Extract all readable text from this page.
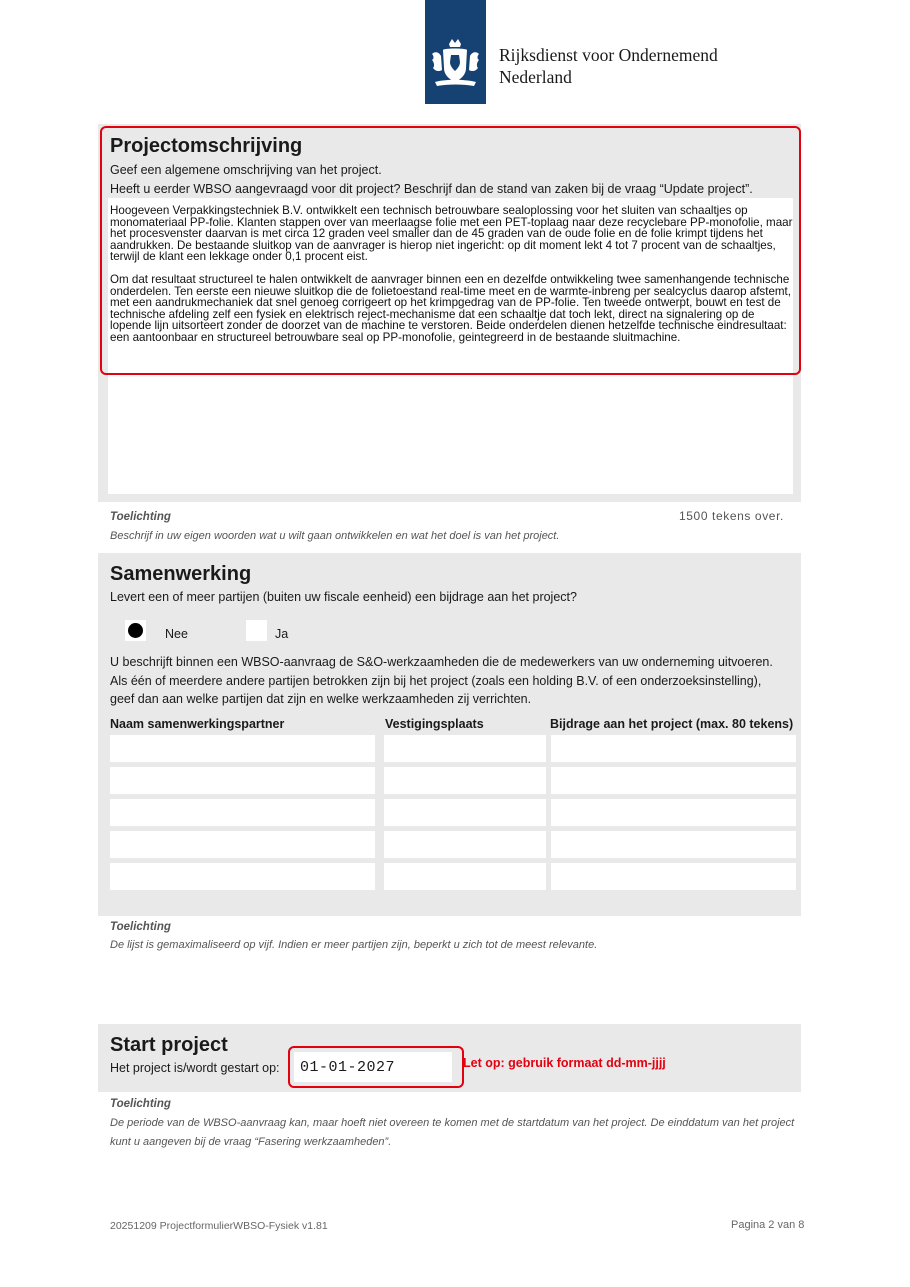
Rijksdienst voor Ondernemend
Nederland
Projectomschrijving
Geef een algemene omschrijving van het project.
Heeft u eerder WBSO aangevraagd voor dit project? Beschrijf dan de stand van zaken bij de vraag “Update project”.

Hoogeveen Verpakkingstechniek B.V. ontwikkelt een technisch betrouwbare sealoplossing voor het sluiten van schaaltjes op monomateriaal PP-folie. Klanten stappen over van meerlaagse folie met een PET-toplaag naar deze recyclebare PP-monofolie, maar het procesvenster daarvan is met circa 12 graden veel smaller dan de 45 graden van de oude folie en de folie krimpt tijdens het aandrukken. De bestaande sluitkop van de aanvrager is hierop niet ingericht: op dit moment lekt 4 tot 7 procent van de schaaltjes, terwijl de klant een lekkage onder 0,1 procent eist.

Om dat resultaat structureel te halen ontwikkelt de aanvrager binnen een en dezelfde ontwikkeling twee samenhangende technische onderdelen. Ten eerste een nieuwe sluitkop die de folietoestand real-time meet en de warmte-inbreng per sealcyclus daarop afstemt, met een aandrukmechaniek dat snel genoeg corrigeert op het krimpgedrag van de PP-folie. Ten tweede ontwerpt, bouwt en test de technische afdeling zelf een fysiek en elektrisch reject-mechanisme dat een schaaltje dat toch lekt, direct na signalering op de lopende lijn uitsorteert zonder de doorzet van de machine te verstoren. Beide onderdelen dienen hetzelfde technische eindresultaat: een aantoonbaar en structureel betrouwbare seal op PP-monofolie, geintegreerd in de bestaande sluitmachine.

1500 tekens over.
Toelichting
Beschrijf in uw eigen woorden wat u wilt gaan ontwikkelen en wat het doel is van het project.
Samenwerking
Levert een of meer partijen (buiten uw fiscale eenheid) een bijdrage aan het project?
Nee	Ja
U beschrijft binnen een WBSO-aanvraag de S&O-werkzaamheden die de medewerkers van uw onderneming uitvoeren.
Als één of meerdere andere partijen betrokken zijn bij het project (zoals een holding B.V. of een onderzoeksinstelling),
geef dan aan welke partijen dat zijn en welke werkzaamheden zij verrichten.
Naam samenwerkingspartner	Vestigingsplaats	Bijdrage aan het project (max. 80 tekens)
Toelichting
De lijst is gemaximaliseerd op vijf. Indien er meer partijen zijn, beperkt u zich tot de meest relevante.
Start project
Het project is/wordt gestart op:	01-01-2027	Let op: gebruik formaat dd-mm-jjjj
Toelichting
De periode van de WBSO-aanvraag kan, maar hoeft niet overeen te komen met de startdatum van het project. De einddatum van het project
kunt u aangeven bij de vraag “Fasering werkzaamheden”.
20251209 ProjectformulierWBSO-Fysiek v1.81	Pagina 2 van 8
